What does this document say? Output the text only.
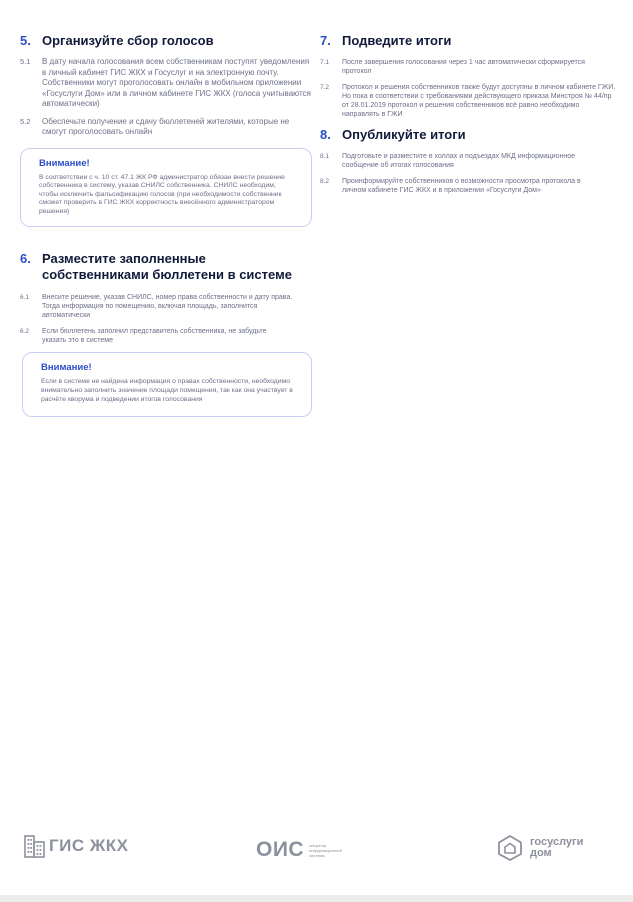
5. Организуйте сбор голосов
5.1	В дату начала голосования всем собственникам поступят уведомления в личный кабинет ГИС ЖКХ и Госуслуг и на электронную почту. Собственники могут проголосовать онлайн в мобильном приложении «Госуслуги Дом» или в личном кабинете ГИС ЖКХ (голоса учитываются автоматически)
5.2	Обеспечьте получение и сдачу бюллетеней жителями, которые не смогут проголосовать онлайн
Внимание!
В соответствии с ч. 10 ст. 47.1 ЖК РФ администратор обязан внести решение собственника в систему, указав СНИЛС собственника. СНИЛС необходим, чтобы исключить фальсификацию голосов (при необходимости собственник сможет проверить в ГИС ЖКХ корректность внесённого администратором решения)
6. Разместите заполненные собственниками бюллетени в системе
6.1	Внесите решение, указав СНИЛС, номер права собственности и дату права. Тогда информация по помещению, включая площадь, заполнится автоматически
6.2	Если бюллетень заполнил представитель собственника, не забудьте указать это в системе
Внимание!
Если в системе не найдена информация о правах собственности, необходимо внимательно заполнить значение площади помещения, так как она участвует в расчёте кворума и подведении итогов голосования
7. Подведите итоги
7.1	После завершения голосования через 1 час автоматически сформируется протокол
7.2	Протокол и решения собственников также будут доступны в личном кабинете ГЖИ. Но пока в соответствии с требованиями действующего приказа Минстроя № 44/пр от 28.01.2019 протокол и решения собственников всё равно необходимо направлять в ГЖИ
8. Опубликуйте итоги
8.1	Подготовьте и разместите в холлах и подъездах МКД информационное сообщение об итогах голосования
8.2	Проинформируйте собственников о возможности просмотра протокола в личном кабинете ГИС ЖКХ и в приложении «Госуслуги Дом»
ГИС ЖКХ	ОИС оператор информационной системы
госуслуги
дом
